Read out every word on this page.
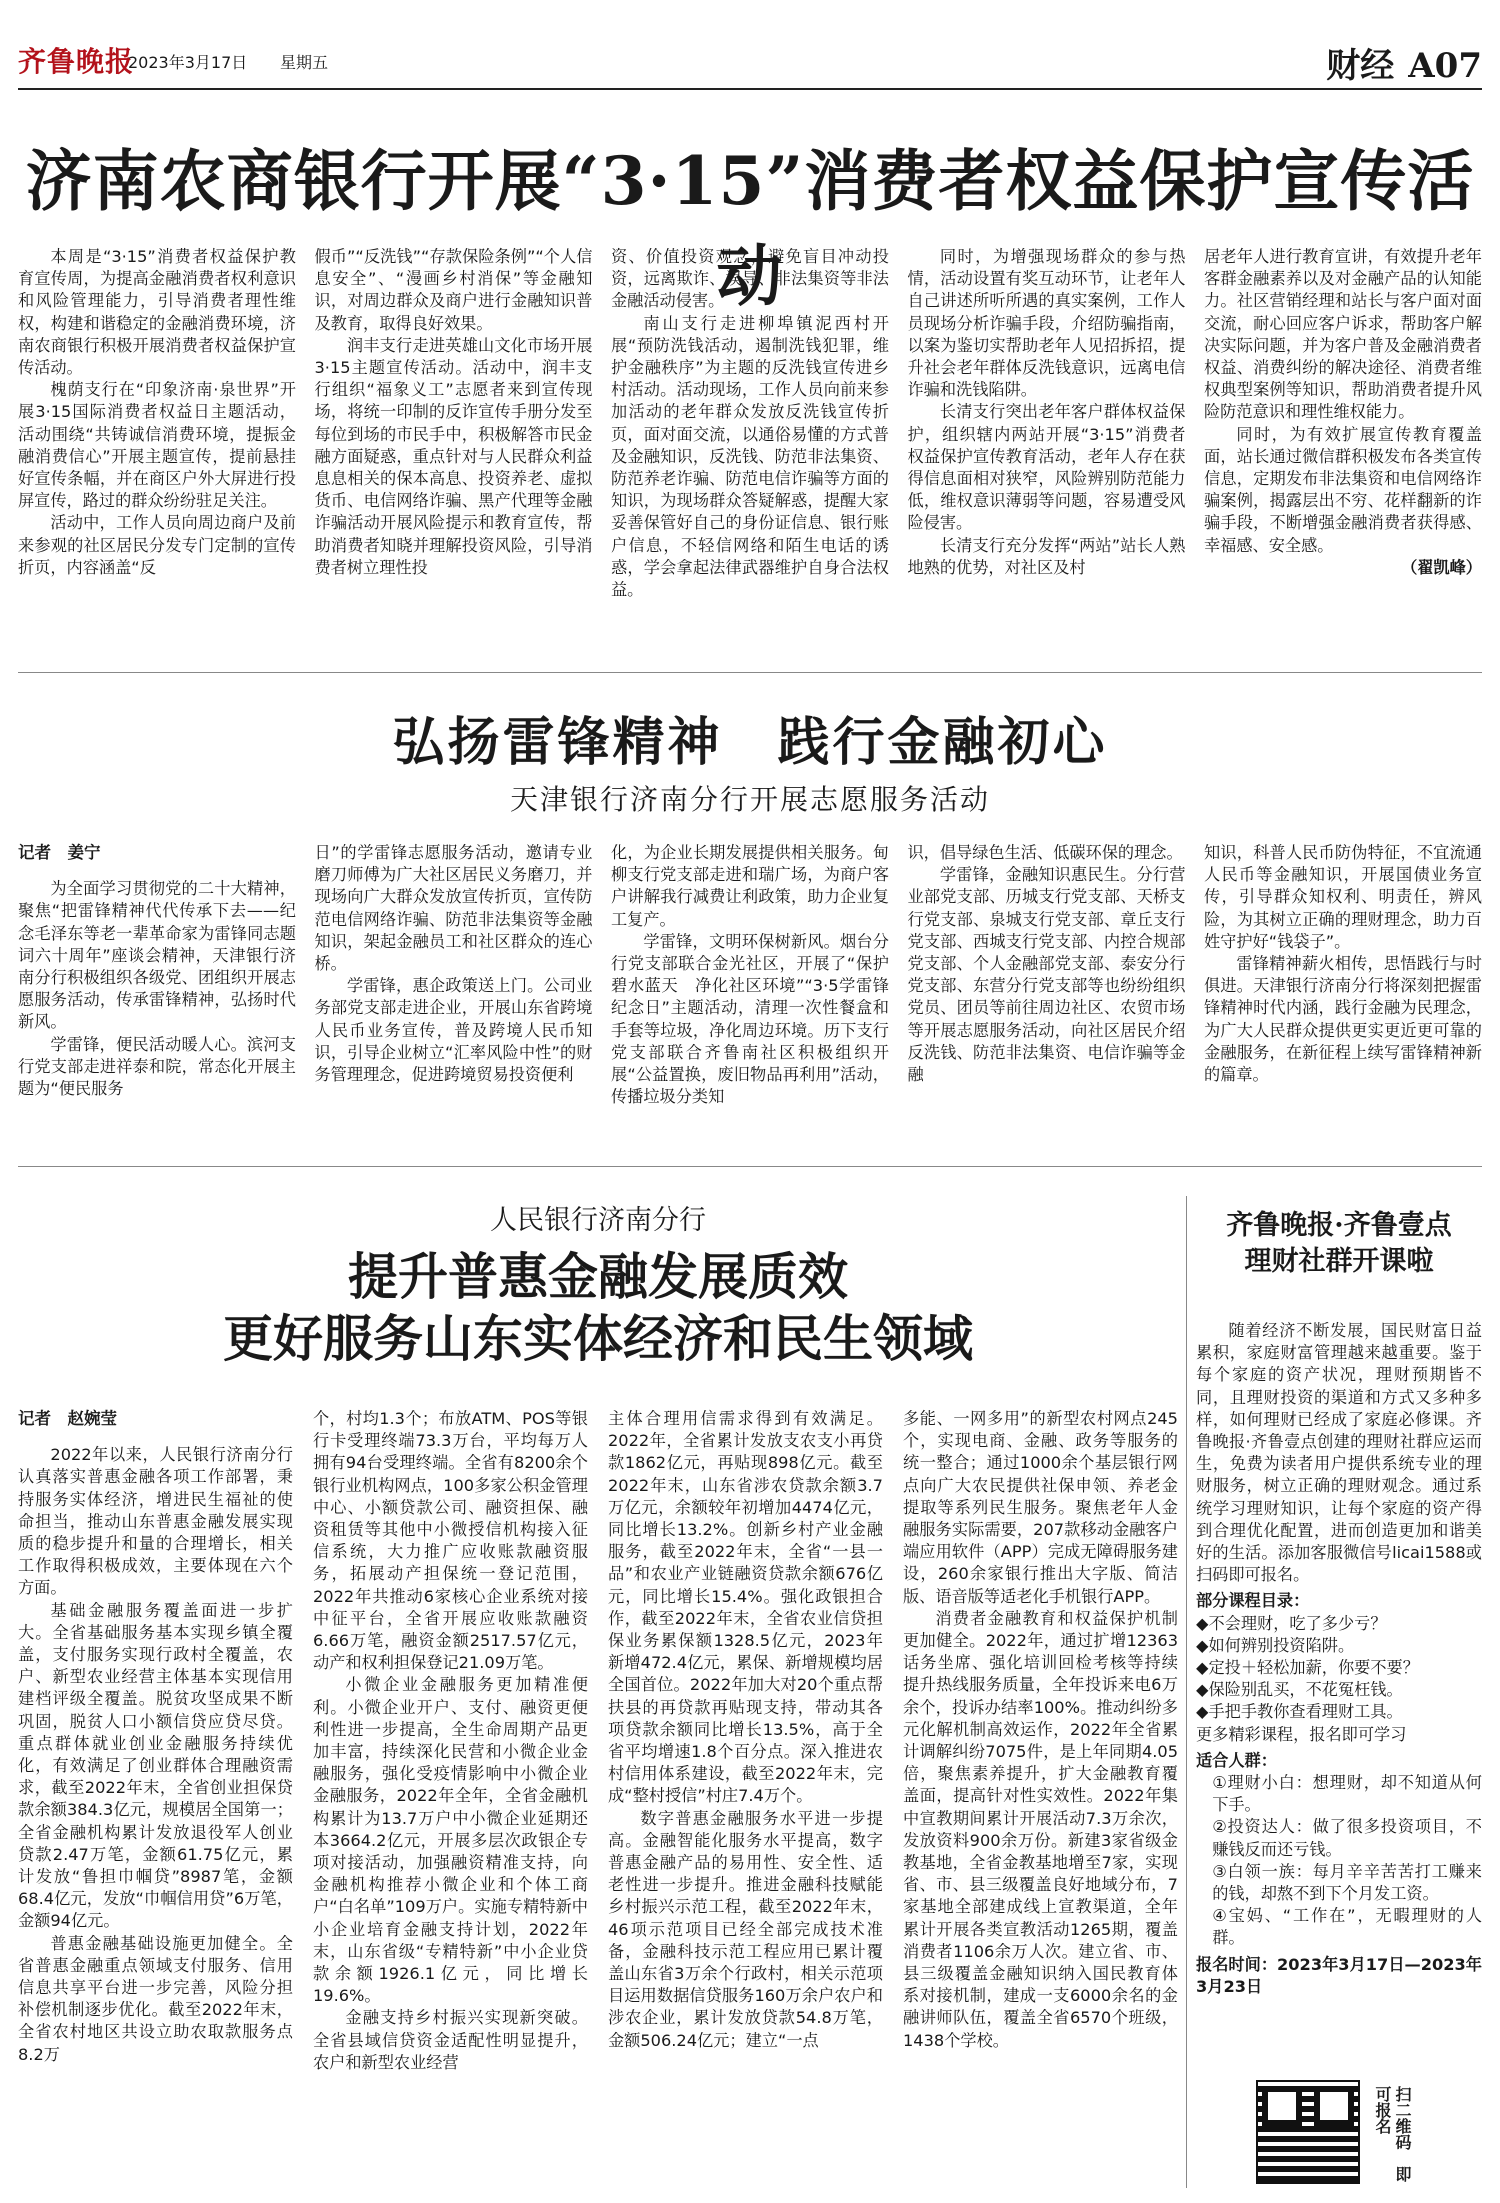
齐鲁晚报
2023年3月17日 星期五	财经 A07
济南农商银行开展“3·15”消费者权益保护宣传活动

本周是“3·15”消费者权益保护教育宣传周，为提高金融消费者权利意识和风险管理能力，引导消费者理性维权，构建和谐稳定的金融消费环境，济南农商银行积极开展消费者权益保护宣传活动。

槐荫支行在“印象济南·泉世界”开展3·15国际消费者权益日主题活动，活动围绕“共铸诚信消费环境，提振金融消费信心”开展主题宣传，提前悬挂好宣传条幅，并在商区户外大屏进行投屏宣传，路过的群众纷纷驻足关注。

活动中，工作人员向周边商户及前来参观的社区居民分发专门定制的宣传折页，内容涵盖“反

假币”“反洗钱”“存款保险条例”“个人信息安全”、“漫画乡村消保”等金融知识，对周边群众及商户进行金融知识普及教育，取得良好效果。

润丰支行走进英雄山文化市场开展3·15主题宣传活动。活动中，润丰支行组织“福象义工”志愿者来到宣传现场，将统一印制的反诈宣传手册分发至每位到场的市民手中，积极解答市民金融方面疑惑，重点针对与人民群众利益息息相关的保本高息、投资养老、虚拟货币、电信网络诈骗、黑产代理等金融诈骗活动开展风险提示和教育宣传，帮助消费者知晓并理解投资风险，引导消费者树立理性投

资、价值投资观念，避免盲目冲动投资，远离欺诈、误导、非法集资等非法金融活动侵害。

南山支行走进柳埠镇泥西村开展“预防洗钱活动，遏制洗钱犯罪，维护金融秩序”为主题的反洗钱宣传进乡村活动。活动现场，工作人员向前来参加活动的老年群众发放反洗钱宣传折页，面对面交流，以通俗易懂的方式普及金融知识，反洗钱、防范非法集资、防范养老诈骗、防范电信诈骗等方面的知识，为现场群众答疑解惑，提醒大家妥善保管好自己的身份证信息、银行账户信息，不轻信网络和陌生电话的诱惑，学会拿起法律武器维护自身合法权益。

同时，为增强现场群众的参与热情，活动设置有奖互动环节，让老年人自己讲述所听所遇的真实案例，工作人员现场分析诈骗手段，介绍防骗指南，以案为鉴切实帮助老年人见招拆招，提升社会老年群体反洗钱意识，远离电信诈骗和洗钱陷阱。

长清支行突出老年客户群体权益保护，组织辖内两站开展“3·15”消费者权益保护宣传教育活动，老年人存在获得信息面相对狭窄，风险辨别防范能力低，维权意识薄弱等问题，容易遭受风险侵害。

长清支行充分发挥“两站”站长人熟地熟的优势，对社区及村

居老年人进行教育宣讲，有效提升老年客群金融素养以及对金融产品的认知能力。社区营销经理和站长与客户面对面交流，耐心回应客户诉求，帮助客户解决实际问题，并为客户普及金融消费者权益、消费纠纷的解决途径、消费者维权典型案例等知识，帮助消费者提升风险防范意识和理性维权能力。

同时，为有效扩展宣传教育覆盖面，站长通过微信群积极发布各类宣传信息，定期发布非法集资和电信网络诈骗案例，揭露层出不穷、花样翻新的诈骗手段，不断增强金融消费者获得感、幸福感、安全感。

（翟凯峰）
弘扬雷锋精神　践行金融初心
天津银行济南分行开展志愿服务活动
记者　姜宁

为全面学习贯彻党的二十大精神，聚焦“把雷锋精神代代传承下去——纪念毛泽东等老一辈革命家为雷锋同志题词六十周年”座谈会精神，天津银行济南分行积极组织各级党、团组织开展志愿服务活动，传承雷锋精神，弘扬时代新风。

学雷锋，便民活动暖人心。滨河支行党支部走进祥泰和院，常态化开展主题为“便民服务

日”的学雷锋志愿服务活动，邀请专业磨刀师傅为广大社区居民义务磨刀，并现场向广大群众发放宣传折页，宣传防范电信网络诈骗、防范非法集资等金融知识，架起金融员工和社区群众的连心桥。

学雷锋，惠企政策送上门。公司业务部党支部走进企业，开展山东省跨境人民币业务宣传，普及跨境人民币知识，引导企业树立“汇率风险中性”的财务管理理念，促进跨境贸易投资便利

化，为企业长期发展提供相关服务。甸柳支行党支部走进和瑞广场，为商户客户讲解我行减费让利政策，助力企业复工复产。

学雷锋，文明环保树新风。烟台分行党支部联合金光社区，开展了“保护碧水蓝天　净化社区环境”“3·5学雷锋纪念日”主题活动，清理一次性餐盒和手套等垃圾，净化周边环境。历下支行党支部联合齐鲁南社区积极组织开展“公益置换，废旧物品再利用”活动，传播垃圾分类知

识，倡导绿色生活、低碳环保的理念。

学雷锋，金融知识惠民生。分行营业部党支部、历城支行党支部、天桥支行党支部、泉城支行党支部、章丘支行党支部、西城支行党支部、内控合规部党支部、个人金融部党支部、泰安分行党支部、东营分行党支部等也纷纷组织党员、团员等前往周边社区、农贸市场等开展志愿服务活动，向社区居民介绍反洗钱、防范非法集资、电信诈骗等金融

知识，科普人民币防伪特征，不宜流通人民币等金融知识，开展国债业务宣传，引导群众知权利、明责任，辨风险，为其树立正确的理财理念，助力百姓守护好“钱袋子”。

雷锋精神薪火相传，思悟践行与时俱进。天津银行济南分行将深刻把握雷锋精神时代内涵，践行金融为民理念，为广大人民群众提供更实更近更可靠的金融服务，在新征程上续写雷锋精神新的篇章。

人民银行济南分行
提升普惠金融发展质效
更好服务山东实体经济和民生领域
记者　赵婉莹

2022年以来，人民银行济南分行认真落实普惠金融各项工作部署，秉持服务实体经济，增进民生福祉的使命担当，推动山东普惠金融发展实现质的稳步提升和量的合理增长，相关工作取得积极成效，主要体现在六个方面。

基础金融服务覆盖面进一步扩大。全省基础服务基本实现乡镇全覆盖，支付服务实现行政村全覆盖，农户、新型农业经营主体基本实现信用建档评级全覆盖。脱贫攻坚成果不断巩固，脱贫人口小额信贷应贷尽贷。重点群体就业创业金融服务持续优化，有效满足了创业群体合理融资需求，截至2022年末，全省创业担保贷款余额384.3亿元，规模居全国第一；全省金融机构累计发放退役军人创业贷款2.47万笔，金额61.75亿元，累计发放“鲁担巾帼贷”8987笔，金额68.4亿元，发放“巾帼信用贷”6万笔，金额94亿元。

普惠金融基础设施更加健全。全省普惠金融重点领域支付服务、信用信息共享平台进一步完善，风险分担补偿机制逐步优化。截至2022年末，全省农村地区共设立助农取款服务点8.2万

个，村均1.3个；布放ATM、POS等银行卡受理终端73.3万台，平均每万人拥有94台受理终端。全省有8200余个银行业机构网点，100多家公积金管理中心、小额贷款公司、融资担保、融资租赁等其他中小微授信机构接入征信系统，大力推广应收账款融资服务，拓展动产担保统一登记范围，2022年共推动6家核心企业系统对接中征平台，全省开展应收账款融资6.66万笔，融资金额2517.57亿元，动产和权利担保登记21.09万笔。

小微企业金融服务更加精准便利。小微企业开户、支付、融资更便利性进一步提高，全生命周期产品更加丰富，持续深化民营和小微企业金融服务，强化受疫情影响中小微企业金融服务，2022年全年，全省金融机构累计为13.7万户中小微企业延期还本3664.2亿元，开展多层次政银企专项对接活动，加强融资精准支持，向金融机构推荐小微企业和个体工商户“白名单”109万户。实施专精特新中小企业培育金融支持计划，2022年末，山东省级“专精特新”中小企业贷款余额1926.1亿元，同比增长19.6%。

金融支持乡村振兴实现新突破。全省县域信贷资金适配性明显提升，农户和新型农业经营

主体合理用信需求得到有效满足。2022年，全省累计发放支农支小再贷款1862亿元，再贴现898亿元。截至2022年末，山东省涉农贷款余额3.7万亿元，余额较年初增加4474亿元，同比增长13.2%。创新乡村产业金融服务，截至2022年末，全省“一县一品”和农业产业链融资贷款余额676亿元，同比增长15.4%。强化政银担合作，截至2022年末，全省农业信贷担保业务累保额1328.5亿元，2023年新增472.4亿元，累保、新增规模均居全国首位。2022年加大对20个重点帮扶县的再贷款再贴现支持，带动其各项贷款余额同比增长13.5%，高于全省平均增速1.8个百分点。深入推进农村信用体系建设，截至2022年末，完成“整村授信”村庄7.4万个。

数字普惠金融服务水平进一步提高。金融智能化服务水平提高，数字普惠金融产品的易用性、安全性、适老性进一步提升。推进金融科技赋能乡村振兴示范工程，截至2022年末，46项示范项目已经全部完成技术准备，金融科技示范工程应用已累计覆盖山东省3万余个行政村，相关示范项目运用数据信贷服务160万余户农户和涉农企业，累计发放贷款54.8万笔，金额506.24亿元；建立“一点

多能、一网多用”的新型农村网点245个，实现电商、金融、政务等服务的统一整合；通过1000余个基层银行网点向广大农民提供社保申领、养老金提取等系列民生服务。聚焦老年人金融服务实际需要，207款移动金融客户端应用软件（APP）完成无障碍服务建设，260余家银行推出大字版、简洁版、语音版等适老化手机银行APP。

消费者金融教育和权益保护机制更加健全。2022年，通过扩增12363话务坐席、强化培训回检考核等持续提升热线服务质量，全年投诉来电6万余个，投诉办结率100%。推动纠纷多元化解机制高效运作，2022年全省累计调解纠纷7075件，是上年同期4.05倍，聚焦素养提升，扩大金融教育覆盖面，提高针对性实效性。2022年集中宣教期间累计开展活动7.3万余次，发放资料900余万份。新建3家省级金教基地，全省金教基地增至7家，实现省、市、县三级覆盖良好地域分布，7家基地全部建成线上宣教渠道，全年累计开展各类宣教活动1265期，覆盖消费者1106余万人次。建立省、市、县三级覆盖金融知识纳入国民教育体系对接机制，建成一支6000余名的金融讲师队伍，覆盖全省6570个班级，1438个学校。

齐鲁晚报·齐鲁壹点
理财社群开课啦

随着经济不断发展，国民财富日益累积，家庭财富管理越来越重要。鉴于每个家庭的资产状况，理财预期皆不同，且理财投资的渠道和方式又多种多样，如何理财已经成了家庭必修课。齐鲁晚报·齐鲁壹点创建的理财社群应运而生，免费为读者用户提供系统专业的理财服务，树立正确的理财观念。通过系统学习理财知识，让每个家庭的资产得到合理优化配置，进而创造更加和谐美好的生活。添加客服微信号licai1588或扫码即可报名。

部分课程目录：
◆不会理财，吃了多少亏？
◆如何辨别投资陷阱。
◆定投＋轻松加薪，你要不要？
◆保险别乱买，不花冤枉钱。
◆手把手教你查看理财工具。
更多精彩课程，报名即可学习
适合人群：
①理财小白：想理财，却不知道从何下手。
②投资达人：做了很多投资项目，不赚钱反而还亏钱。
③白领一族：每月辛辛苦苦打工赚来的钱，却熬不到下个月发工资。
④宝妈、“工作在”，无暇理财的人群。
报名时间：2023年3月17日—2023年3月23日
扫二维码　即可报名
